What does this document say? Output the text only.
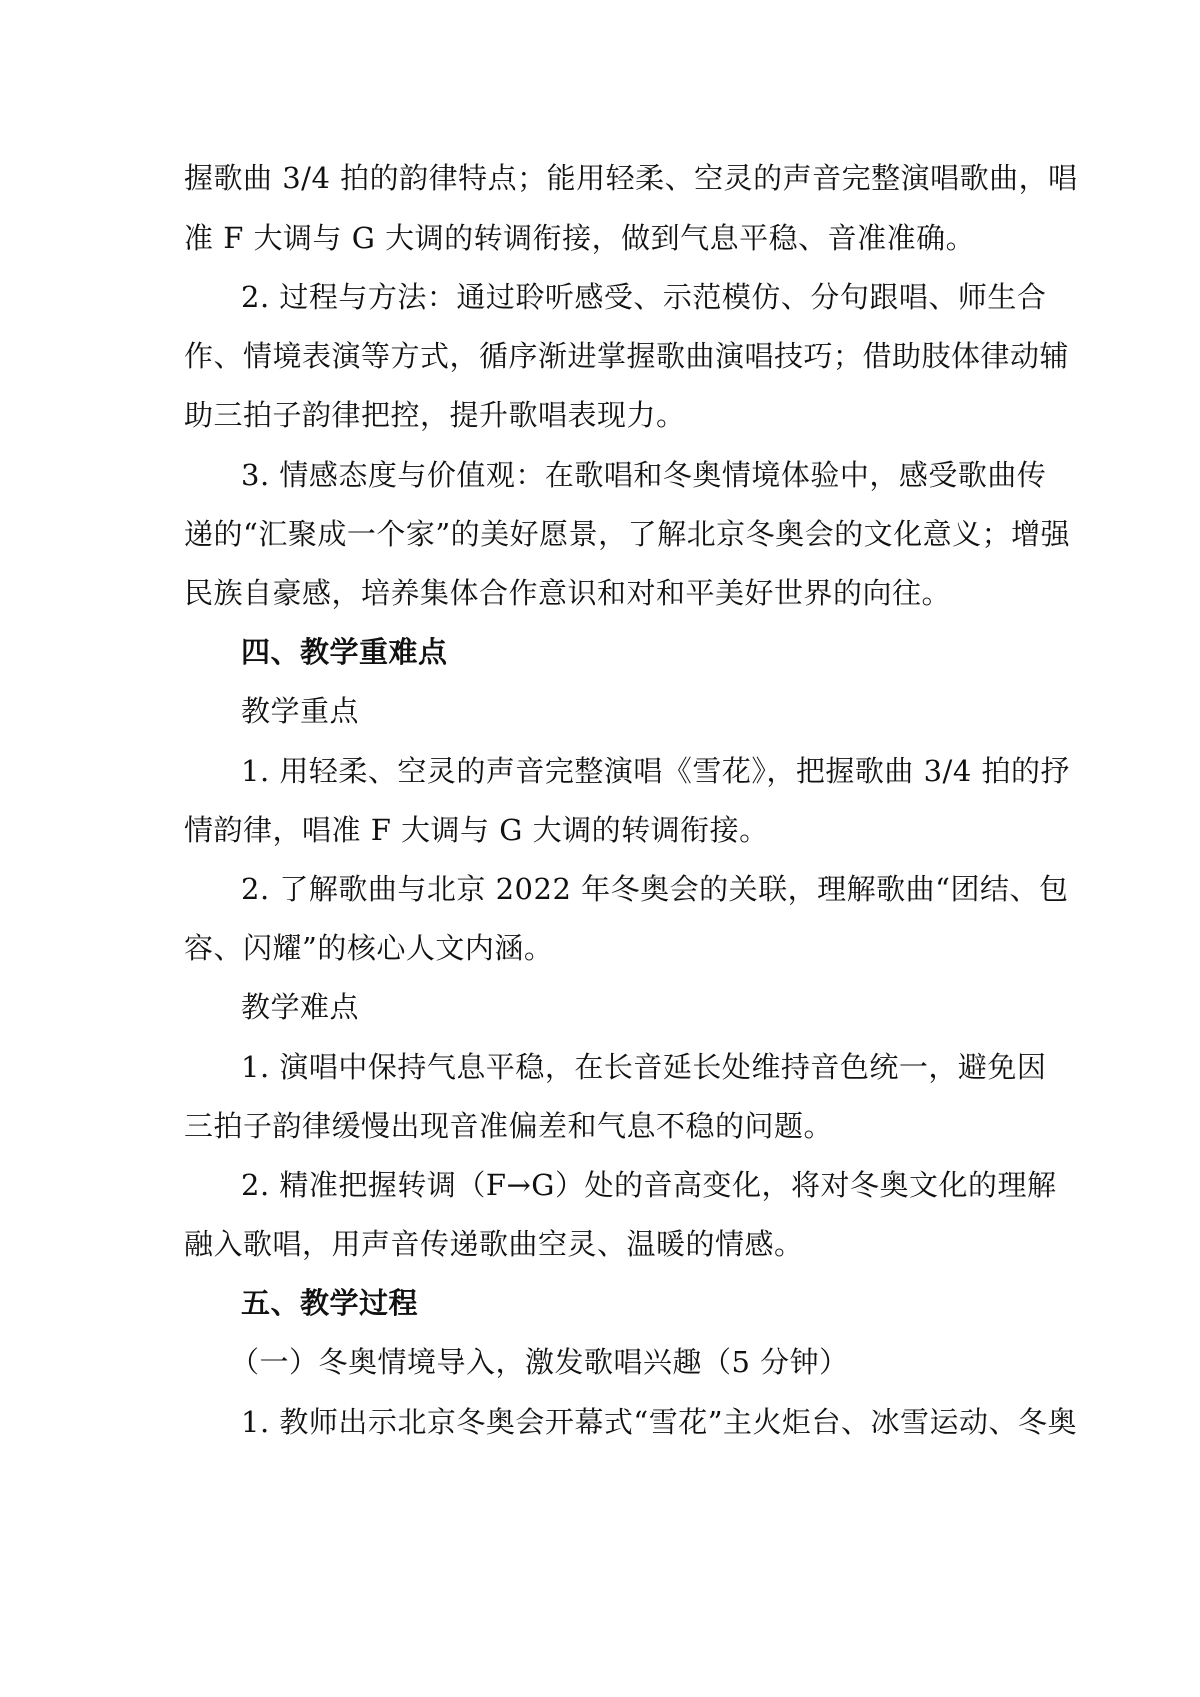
握歌曲 3/4 拍的韵律特点；能用轻柔、空灵的声音完整演唱歌曲，唱
准 F 大调与 G 大调的转调衔接，做到气息平稳、音准准确。
2. 过程与方法：通过聆听感受、示范模仿、分句跟唱、师生合
作、情境表演等方式，循序渐进掌握歌曲演唱技巧；借助肢体律动辅
助三拍子韵律把控，提升歌唱表现力。
3. 情感态度与价值观：在歌唱和冬奥情境体验中，感受歌曲传
递的“汇聚成一个家”的美好愿景，了解北京冬奥会的文化意义；增强
民族自豪感，培养集体合作意识和对和平美好世界的向往。
四、教学重难点
教学重点
1. 用轻柔、空灵的声音完整演唱《雪花》，把握歌曲 3/4 拍的抒
情韵律，唱准 F 大调与 G 大调的转调衔接。
2. 了解歌曲与北京 2022 年冬奥会的关联，理解歌曲“团结、包
容、闪耀”的核心人文内涵。
教学难点
1. 演唱中保持气息平稳，在长音延长处维持音色统一，避免因
三拍子韵律缓慢出现音准偏差和气息不稳的问题。
2. 精准把握转调（F→G）处的音高变化，将对冬奥文化的理解
融入歌唱，用声音传递歌曲空灵、温暖的情感。
五、教学过程
（一）冬奥情境导入，激发歌唱兴趣（5 分钟）
1. 教师出示北京冬奥会开幕式“雪花”主火炬台、冰雪运动、冬奥
